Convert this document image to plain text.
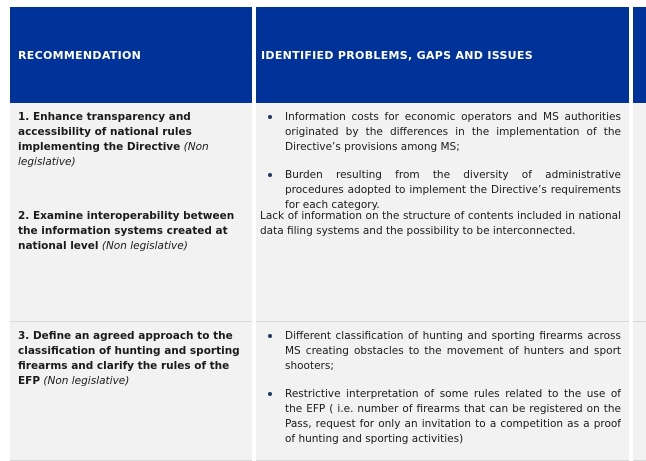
RECOMMENDATION	IDENTIFIED PROBLEMS, GAPS AND ISSUES

1. Enhance transparency and accessibility of national rules implementing the Directive (Non legislative)

Information costs for economic operators and MS authorities originated by the differences in the implementation of the Directive’s provisions among MS;
Burden resulting from the diversity of administrative procedures adopted to implement the Directive’s requirements for each category.

2. Examine interoperability between the information systems created at national level (Non legislative)

Lack of information on the structure of contents included in national data filing systems and the possibility to be interconnected.

3. Define an agreed approach to the classification of hunting and sporting firearms and clarify the rules of the EFP (Non legislative)

Different classification of hunting and sporting firearms across MS creating obstacles to the movement of hunters and sport shooters;
Restrictive interpretation of some rules related to the use of the EFP ( i.e. number of firearms that can be registered on the Pass, request for only an invitation to a competition as a proof of hunting and sporting activities)
